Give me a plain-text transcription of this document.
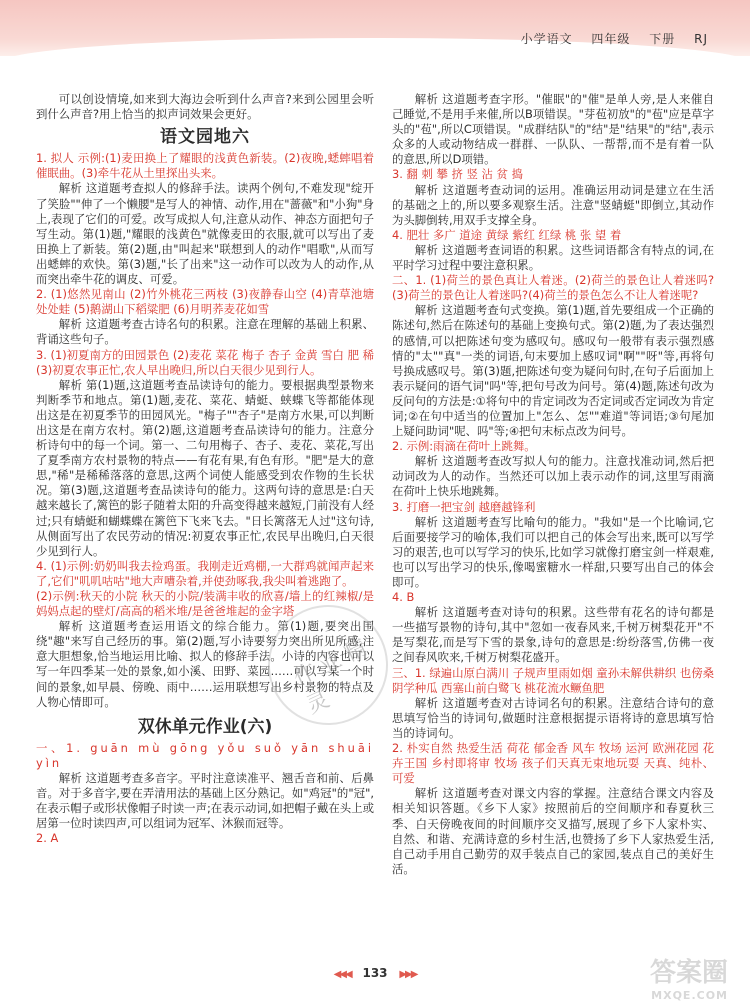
小学语文 四年级 下册 RJ

可以创设情境,如来到大海边会听到什么声音?来到公园里会听到什么声音?用上恰当的拟声词效果会更好。

语文园地六

1. 拟人 示例:(1)麦田换上了耀眼的浅黄色新装。(2)夜晚,蟋蟀唱着催眠曲。(3)牵牛花从土里探出头来。

解析 这道题考查拟人的修辞手法。读两个例句,不难发现"绽开了笑脸""伸了一个懒腰"是写人的神情、动作,用在"蔷薇"和"小狗"身上,表现了它们的可爱。改写成拟人句,注意从动作、神态方面把句子写生动。第(1)题,"耀眼的浅黄色"就像麦田的衣服,就可以写出了麦田换上了新装。第(2)题,由"叫起来"联想到人的动作"唱歌",从而写出蟋蟀的欢快。第(3)题,"长了出来"这一动作可以改为人的动作,从而突出牵牛花的调皮、可爱。

2. (1)悠然见南山 (2)竹外桃花三两枝 (3)夜静春山空 (4)青草池塘处处蛙 (5)鹅湖山下稻粱肥 (6)月明荞麦花如雪

解析 这道题考查古诗名句的积累。注意在理解的基础上积累、背诵这些句子。

3. (1)初夏南方的田园景色 (2)麦花 菜花 梅子 杏子 金黄 雪白 肥 稀 (3)初夏农事正忙,农人早出晚归,所以白天很少见到行人。

解析 第(1)题,这道题考查品读诗句的能力。要根据典型景物来判断季节和地点。第(1)题,麦花、菜花、蜻蜓、蛱蝶飞等都能体现出这是在初夏季节的田园风光。"梅子""杏子"是南方水果,可以判断出这是在南方农村。第(2)题,这道题考查品读诗句的能力。注意分析诗句中的每一个词。第一、二句用梅子、杏子、麦花、菜花,写出了夏季南方农村景物的特点——有花有果,有色有形。"肥"是大的意思,"稀"是稀稀落落的意思,这两个词使人能感受到农作物的生长状况。第(3)题,这道题考查品读诗句的能力。这两句诗的意思是:白天越来越长了,篱笆的影子随着太阳的升高变得越来越短,门前没有人经过;只有蜻蜓和蝴蝶蝶在篱笆下飞来飞去。"日长篱落无人过"这句诗,从侧面写出了农民劳动的情况:初夏农事正忙,农民早出晚归,白天很少见到行人。

4. (1)示例:奶奶叫我去捡鸡蛋。我刚走近鸡棚,一大群鸡就闻声起来了,它们"叽叽咕咕"地大声嘈杂着,并使劲啄我,我尖叫着逃跑了。

(2)示例:秋天的小院 秋天的小院/装满丰收的欣喜/墙上的红辣椒/是妈妈点起的壁灯/高高的稻米堆/是爸爸堆起的金字塔

解析 这道题考查运用语文的综合能力。第(1)题,要突出围绕"趣"来写自己经历的事。第(2)题,写小诗要努力突出所见所感,注意大胆想象,恰当地运用比喻、拟人的修辞手法。小诗的内容也可以写一年四季某一处的景象,如小溪、田野、菜园……可以写某一个时间的景象,如早晨、傍晚、雨中……运用联想写出乡村景物的特点及人物心情即可。

双休单元作业(六)

一、1. guān mù gōng yǒu suǒ yān shuāi yìn

解析 这道题考查多音字。平时注意读准平、翘舌音和前、后鼻音。对于多音字,要在弄清用法的基础上区分熟记。如"鸡冠"的"冠",在表示帽子或形状像帽子时读一声;在表示动词,如把帽子戴在头上或居第一位时读四声,可以组词为冠军、沐猴而冠等。

2. A

解析 这道题考查字形。"催眠"的"催"是单人旁,是人来催自己睡觉,不是用手来催,所以B项错误。"芽苞初放"的"苞"应是草字头的"苞",所以C项错误。"成群结队"的"结"是"结果"的"结",表示众多的人或动物结成一群群、一队队、一帮帮,而不是有着一队的意思,所以D项错。

3. 翻 刺 攀 挤 竖 沾 贫 捣

解析 这道题考查动词的运用。准确运用动词是建立在生活的基础之上的,所以要多观察生活。注意"竖蜻蜓"即倒立,其动作为头脚倒转,用双手支撑全身。

4. 肥壮 多广 道途 黄绿 紫红 红绿 桃 张 望 着

解析 这道题考查词语的积累。这些词语都含有特点的词,在平时学习过程中要注意积累。

二、1. (1)荷兰的景色真让人着迷。(2)荷兰的景色让人着迷吗?(3)荷兰的景色让人着迷吗?(4)荷兰的景色怎么不让人着迷呢?

解析 这道题考查句式变换。第(1)题,首先要组成一个正确的陈述句,然后在陈述句的基础上变换句式。第(2)题,为了表达强烈的感情,可以把陈述句变为感叹句。感叹句一般带有表示强烈感情的"太""真"一类的词语,句末要加上感叹词"啊""呀"等,再将句号换成感叹号。第(3)题,把陈述句变为疑问句时,在句子后面加上表示疑问的语气词"吗"等,把句号改为问号。第(4)题,陈述句改为反问句的方法是:①将句中的肯定词改为否定词或否定词改为肯定词;②在句中适当的位置加上"怎么、怎""难道"等词语;③句尾加上疑问助词"呢、吗"等;④把句末标点改为问号。

2. 示例:雨滴在荷叶上跳舞。

解析 这道题考查改写拟人句的能力。注意找准动词,然后把动词改为人的动作。当然还可以加上表示动作的词,这里写雨滴在荷叶上快乐地跳舞。

3. 打磨一把宝剑 越磨越锋利

解析 这道题考查写比喻句的能力。"我如"是一个比喻词,它后面要接学习的喻体,我们可以把自己的体会写出来,既可以写学习的艰苦,也可以写学习的快乐,比如学习就像打磨宝剑一样艰难,也可以写出学习的快乐,像喝蜜糖水一样甜,只要写出自己的体会即可。

4. B

解析 这道题考查对诗句的积累。这些带有花名的诗句都是一些描写景物的诗句,其中"忽如一夜春风来,千树万树梨花开"不是写梨花,而是写下雪的景象,诗句的意思是:纷纷落雪,仿佛一夜之间春风吹来,千树万树梨花盛开。

三、1. 绿遍山原白满川 子规声里雨如烟 童孙未解供耕织 也傍桑阴学种瓜 西塞山前白鹭飞 桃花流水鳜鱼肥

解析 这道题考查对古诗词名句的积累。注意结合诗句的意思填写恰当的诗词句,做题时注意根据提示语将诗的意思填写恰当的诗词句。

2. 朴实自然 热爱生活 荷花 郁金香 风车 牧场 运河 欧洲花园 花卉王国 乡村即将审 牧场 孩子们天真无束地玩耍 天真、纯朴、可爱

解析 这道题考查对课文内容的掌握。注意结合课文内容及相关知识答题。《乡下人家》按照前后的空间顺序和春夏秋三季、白天傍晚夜间的时间顺序交叉描写,展现了乡下人家朴实、自然、和谐、充满诗意的乡村生活,也赞扬了乡下人家热爱生活,自己动手用自己勤劳的双手装点自己的家园,装点自己的美好生活。

作业精灵
◀◀◀ 133 ▶▶▶	答案圈
MXQE.COM
